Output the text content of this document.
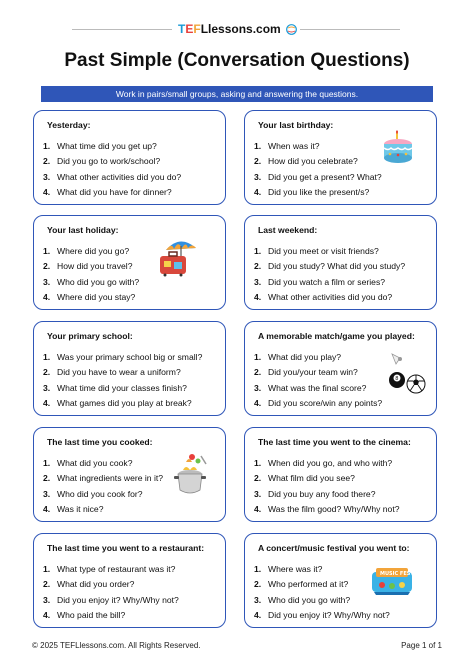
TEFLlessons.com
Past Simple (Conversation Questions)
Work in pairs/small groups, asking and answering the questions.
Yesterday:
1. What time did you get up?
2. Did you go to work/school?
3. What other activities did you do?
4. What did you have for dinner?
Your last birthday:
1. When was it?
2. How did you celebrate?
3. Did you get a present? What?
4. Did you like the present/s?
Your last holiday:
1. Where did you go?
2. How did you travel?
3. Who did you go with?
4. Where did you stay?
Last weekend:
1. Did you meet or visit friends?
2. Did you study? What did you study?
3. Did you watch a film or series?
4. What other activities did you do?
Your primary school:
1. Was your primary school big or small?
2. Did you have to wear a uniform?
3. What time did your classes finish?
4. What games did you play at break?
A memorable match/game you played:
1. What did you play?
2. Did you/your team win?
3. What was the final score?
4. Did you score/win any points?
The last time you cooked:
1. What did you cook?
2. What ingredients were in it?
3. Who did you cook for?
4. Was it nice?
The last time you went to the cinema:
1. When did you go, and who with?
2. What film did you see?
3. Did you buy any food there?
4. Was the film good? Why/Why not?
The last time you went to a restaurant:
1. What type of restaurant was it?
2. What did you order?
3. Did you enjoy it? Why/Why not?
4. Who paid the bill?
A concert/music festival you went to:
1. Where was it?
2. Who performed at it?
3. Who did you go with?
4. Did you enjoy it? Why/Why not?
8
MUSIC FEST
© 2025 TEFLlessons.com. All Rights Reserved.	Page 1 of 1
